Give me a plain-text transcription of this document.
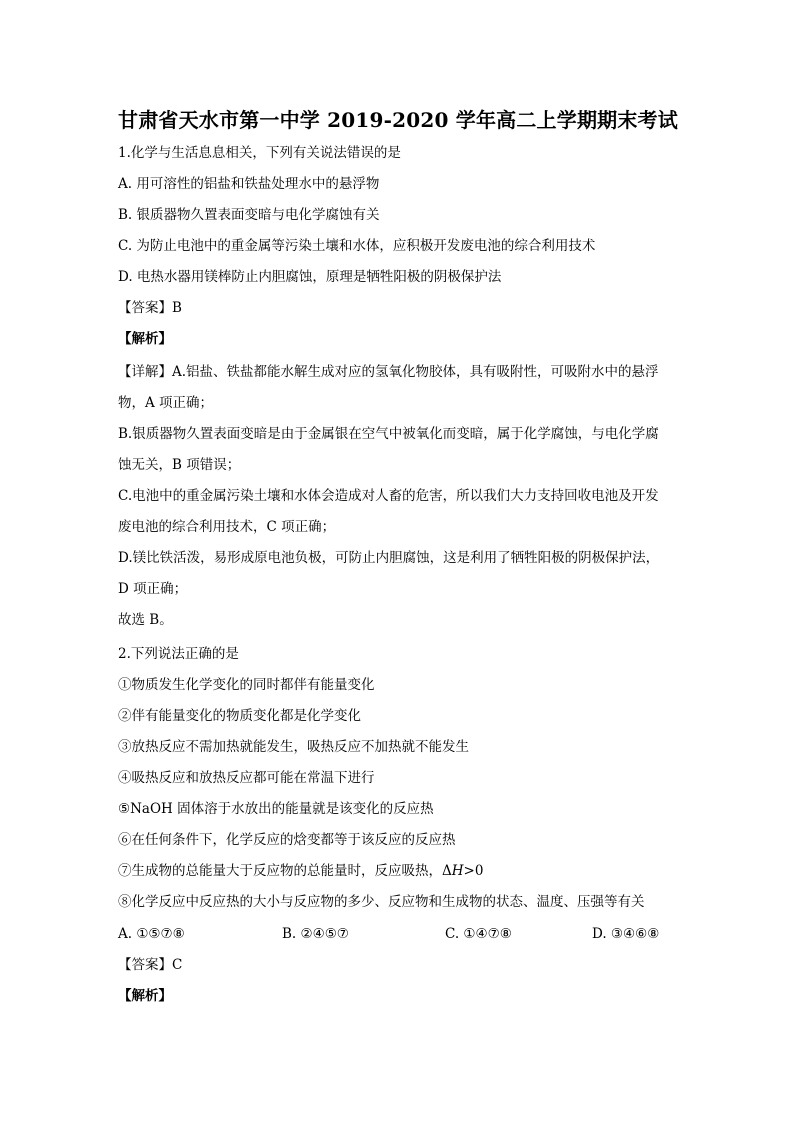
甘肃省天水市第一中学 2019-2020 学年高二上学期期末考试
1.化学与生活息息相关，下列有关说法错误的是
A. 用可溶性的铝盐和铁盐处理水中的悬浮物
B. 银质器物久置表面变暗与电化学腐蚀有关
C. 为防止电池中的重金属等污染土壤和水体，应积极开发废电池的综合利用技术
D. 电热水器用镁棒防止内胆腐蚀，原理是牺牲阳极的阴极保护法
【答案】B
【解析】
【详解】A.铝盐、铁盐都能水解生成对应的氢氧化物胶体，具有吸附性，可吸附水中的悬浮
物，A 项正确；
B.银质器物久置表面变暗是由于金属银在空气中被氧化而变暗，属于化学腐蚀，与电化学腐
蚀无关，B 项错误；
C.电池中的重金属污染土壤和水体会造成对人畜的危害，所以我们大力支持回收电池及开发
废电池的综合利用技术，C 项正确；
D.镁比铁活泼，易形成原电池负极，可防止内胆腐蚀，这是利用了牺牲阳极的阴极保护法，
D 项正确；
故选 B。
2.下列说法正确的是
①物质发生化学变化的同时都伴有能量变化
②伴有能量变化的物质变化都是化学变化
③放热反应不需加热就能发生，吸热反应不加热就不能发生
④吸热反应和放热反应都可能在常温下进行
⑤NaOH 固体溶于水放出的能量就是该变化的反应热
⑥在任何条件下，化学反应的焓变都等于该反应的反应热
⑦生成物的总能量大于反应物的总能量时，反应吸热，ΔH>0
⑧化学反应中反应热的大小与反应物的多少、反应物和生成物的状态、温度、压强等有关
A. ①⑤⑦⑧	B. ②④⑤⑦	C. ①④⑦⑧	D. ③④⑥⑧
【答案】C
【解析】
